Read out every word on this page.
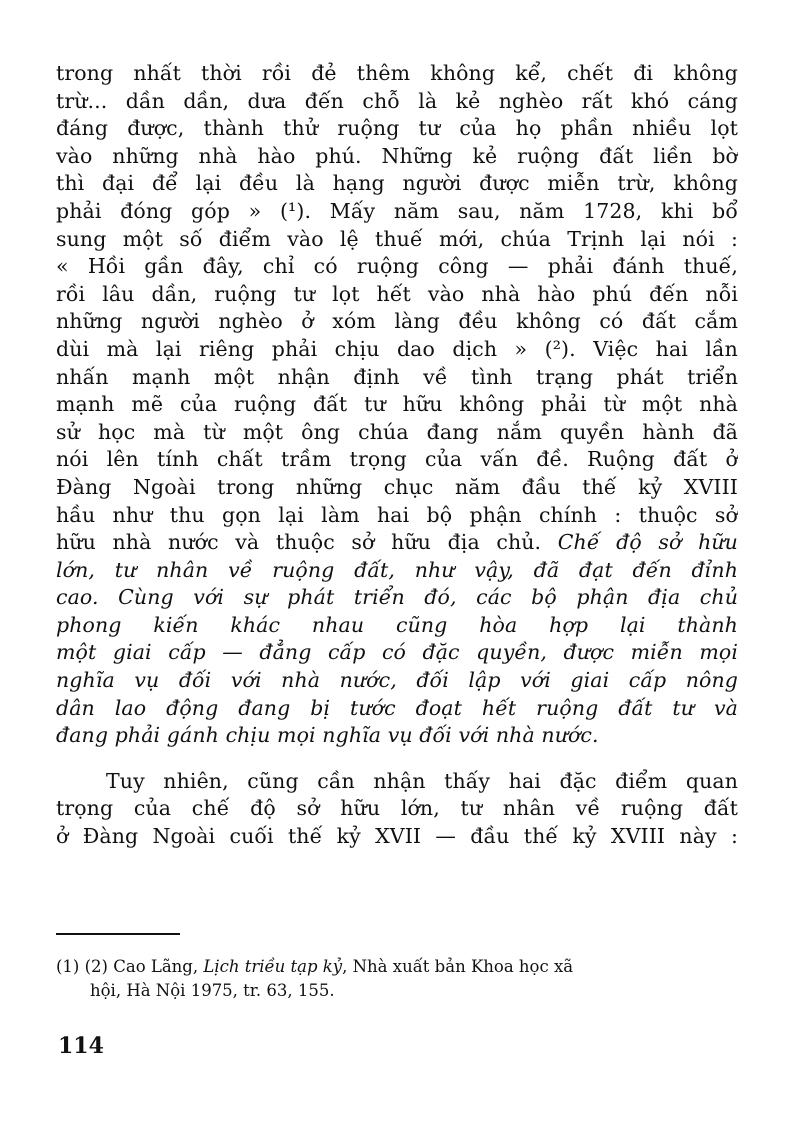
trong nhất thời rồi đẻ thêm không kể, chết đi không
trừ... dần dần, dưa đến chỗ là kẻ nghèo rất khó cáng
đáng được, thành thử ruộng tư của họ phần nhiều lọt
vào những nhà hào phú. Những kẻ ruộng đất liền bờ
thì đại để lại đều là hạng người được miễn trừ, không
phải đóng góp » (¹). Mấy năm sau, năm 1728, khi bổ
sung một số điểm vào lệ thuế mới, chúa Trịnh lại nói :
« Hồi gần đây, chỉ có ruộng công — phải đánh thuế,
rồi lâu dần, ruộng tư lọt hết vào nhà hào phú đến nỗi
những người nghèo ở xóm làng đều không có đất cắm
dùi mà lại riêng phải chịu dao dịch » (²). Việc hai lần
nhấn mạnh một nhận định về tình trạng phát triển
mạnh mẽ của ruộng đất tư hữu không phải từ một nhà
sử học mà từ một ông chúa đang nắm quyền hành đã
nói lên tính chất trầm trọng của vấn đề. Ruộng đất ở
Đàng Ngoài trong những chục năm đầu thế kỷ XVIII
hầu như thu gọn lại làm hai bộ phận chính : thuộc sở
hữu nhà nước và thuộc sở hữu địa chủ. Chế độ sở hữu
lớn, tư nhân về ruộng đất, như vậy, đã đạt đến đỉnh
cao. Cùng với sự phát triển đó, các bộ phận địa chủ
phong kiến khác nhau cũng hòa hợp lại thành
một giai cấp — đẳng cấp có đặc quyền, được miễn mọi
nghĩa vụ đối với nhà nước, đối lập với giai cấp nông
dân lao động đang bị tước đoạt hết ruộng đất tư và
đang phải gánh chịu mọi nghĩa vụ đối với nhà nước.
Tuy nhiên, cũng cần nhận thấy hai đặc điểm quan
trọng của chế độ sở hữu lớn, tư nhân về ruộng đất
ở Đàng Ngoài cuối thế kỷ XVII — đầu thế kỷ XVIII này :
(1) (2) Cao Lãng, Lịch triều tạp kỷ, Nhà xuất bản Khoa học xã
hội, Hà Nội 1975, tr. 63, 155.
114
